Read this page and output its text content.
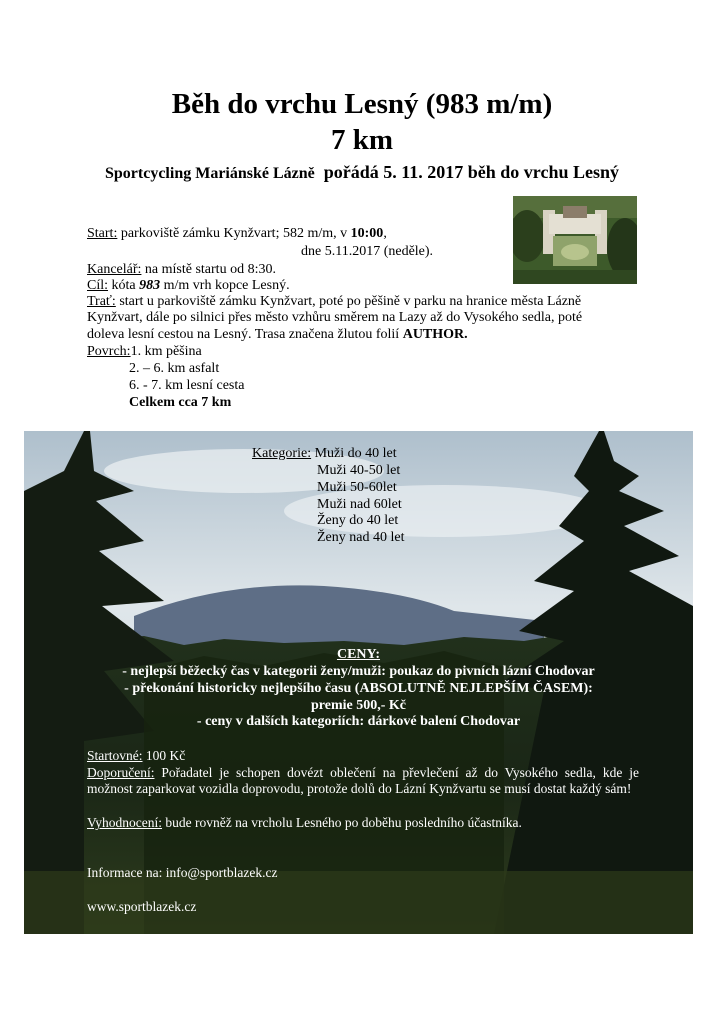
Běh do vrchu Lesný (983 m/m)
7 km
Sportcycling Mariánské Lázně pořádá 5. 11. 2017 běh do vrchu Lesný
Start: parkoviště zámku Kynžvart; 582 m/m, v 10:00,
dne 5.11.2017 (neděle).
Kancelář: na místě startu od 8:30.
Cíl: kóta 983 m/m vrh kopce Lesný.
Trať: start u parkoviště zámku Kynžvart, poté po pěšině v parku na hranice města Lázně
Kynžvart, dále po silnici přes město vzhůru směrem na Lazy až do Vysokého sedla, poté
doleva lesní cestou na Lesný. Trasa značena žlutou folií AUTHOR.
Povrch:1. km pěšina
2. – 6. km asfalt
6. - 7. km lesní cesta
Celkem cca 7 km
Kategorie: Muži do 40 let
Muži 40-50 let
Muži 50-60let
Muži nad 60let
Ženy do 40 let
Ženy nad 40 let
CENY:
- nejlepší běžecký čas v kategorii ženy/muži: poukaz do pivních lázní Chodovar
- překonání historicky nejlepšího času (ABSOLUTNĚ NEJLEPŠÍM ČASEM):
premie 500,- Kč
- ceny v dalších kategoriích: dárkové balení Chodovar
Startovné: 100 Kč
Doporučení: Pořadatel je schopen dovézt oblečení na převlečení až do Vysokého sedla, kde je možnost zaparkovat vozidla doprovodu, protože dolů do Lázní Kynžvartu se musí dostat každý sám!
Vyhodnocení: bude rovněž na vrcholu Lesného po doběhu posledního účastníka.
Informace na: info@sportblazek.cz
www.sportblazek.cz
